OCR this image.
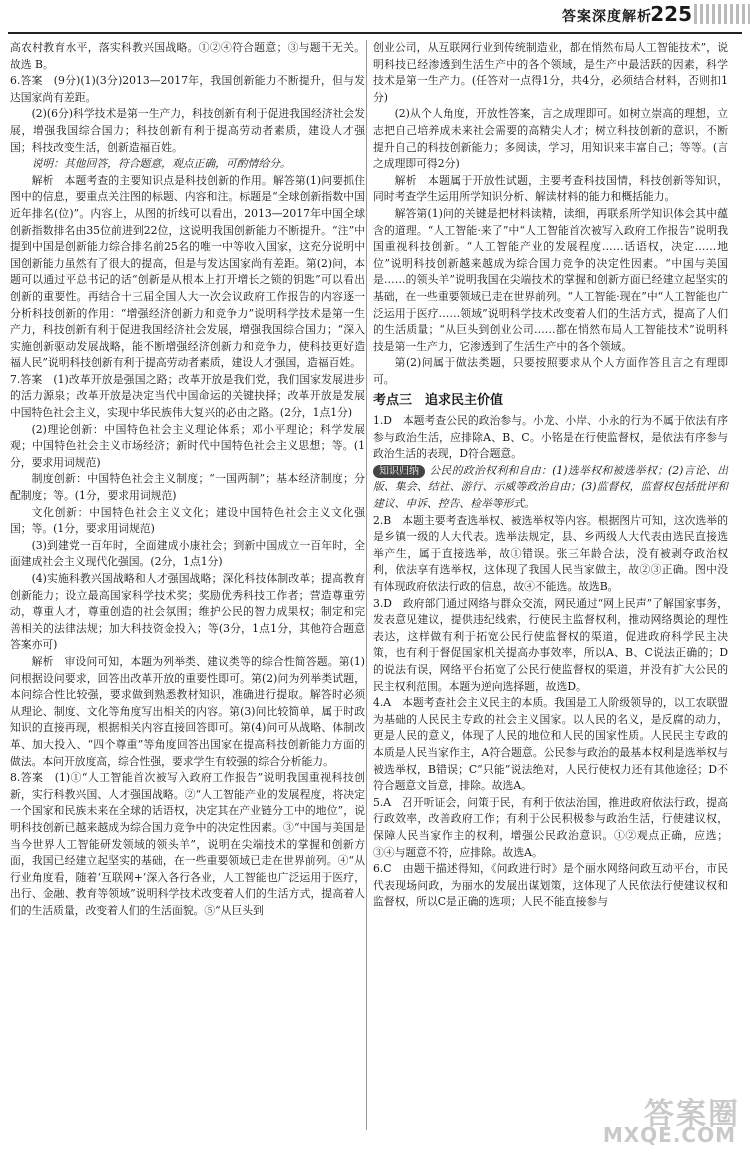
答案深度解析
225

高农村教育水平，落实科教兴国战略。①②④符合题意；③与题干无关。故选 B。

6.答案　(9分)(1)(3分)2013—2017年，我国创新能力不断提升，但与发达国家尚有差距。

(2)(6分)科学技术是第一生产力，科技创新有利于促进我国经济社会发展，增强我国综合国力；科技创新有利于提高劳动者素质，建设人才强国；科技改变生活，创新造福百姓。

说明：其他回答，符合题意，观点正确，可酌情给分。

解析　本题考查的主要知识点是科技创新的作用。解答第(1)问要抓住图中的信息，要重点关注图的标题、内容和注。标题是“全球创新指数中国近年排名(位)”。内容上，从图的折线可以看出，2013—2017年中国全球创新指数排名由35位前进到22位，这说明我国创新能力不断提升。“注”中提到中国是创新能力综合排名前25名的唯一中等收入国家，这充分说明中国创新能力虽然有了很大的提高，但是与发达国家尚有差距。第(2)问，本题可以通过平总书记的话“创新是从根本上打开增长之锁的钥匙”可以看出创新的重要性。再结合十三届全国人大一次会议政府工作报告的内容逐一分析科技创新的作用：“增强经济创新力和竞争力”说明科学技术是第一生产力，科技创新有利于促进我国经济社会发展，增强我国综合国力；“深入实施创新驱动发展战略，能不断增强经济创新力和竞争力，使科技更好造福人民”说明科技创新有利于提高劳动者素质，建设人才强国，造福百姓。

7.答案　(1)改革开放是强国之路；改革开放是我们党，我们国家发展进步的活力源泉；改革开放是决定当代中国命运的关键抉择；改革开放是发展中国特色社会主义，实现中华民族伟大复兴的必由之路。(2分，1点1分)

(2)理论创新：中国特色社会主义理论体系；邓小平理论；科学发展观；中国特色社会主义市场经济；新时代中国特色社会主义思想；等。(1分，要求用词规范)

制度创新：中国特色社会主义制度；“一国两制”；基本经济制度；分配制度；等。(1分，要求用词规范)

文化创新：中国特色社会主义文化；建设中国特色社会主义文化强国；等。(1分，要求用词规范)

(3)到建党一百年时，全面建成小康社会；到新中国成立一百年时，全面建成社会主义现代化强国。(2分，1点1分)

(4)实施科教兴国战略和人才强国战略；深化科技体制改革；提高教育创新能力；设立最高国家科学技术奖；奖励优秀科技工作者；营造尊重劳动，尊重人才，尊重创造的社会氛围；维护公民的智力成果权；制定和完善相关的法律法规；加大科技资金投入；等(3分，1点1分，其他符合题意答案亦可)

解析　审设问可知，本题为列举类、建议类等的综合性简答题。第(1)问根据设问要求，回答出改革开放的重要性即可。第(2)问为列举类试题，本问综合性比较强，要求做到熟悉教材知识，准确进行提取。解答时必须从理论、制度、文化等角度写出相关的内容。第(3)问比较简单，属于时政知识的直接再现，根据相关内容直接回答即可。第(4)问可从战略、体制改革、加大投入、“四个尊重”等角度回答出国家在提高科技创新能力方面的做法。本问开放度高，综合性强，要求学生有较强的综合分析能力。

8.答案　(1)①“人工智能首次被写入政府工作报告”说明我国重视科技创新，实行科教兴国、人才强国战略。②“人工智能产业的发展程度，将决定一个国家和民族未来在全球的话语权，决定其在产业链分工中的地位”，说明科技创新已越来越成为综合国力竞争中的决定性因素。③“中国与美国是当今世界人工智能研发领域的领头羊”，说明在尖端技术的掌握和创新方面，我国已经建立起坚实的基础，在一些重要领域已走在世界前列。④“从行业角度看，随着‘互联网+’深入各行各业，人工智能也广泛运用于医疗，出行、金融、教育等领域”说明科学技术改变着人们的生活方式，提高着人们的生活质量，改变着人们的生活面貌。⑤“从巨头到

创业公司，从互联网行业到传统制造业，都在悄然布局人工智能技术”，说明科技已经渗透到生活生产中的各个领域，是生产中最活跃的因素，科学技术是第一生产力。(任答对一点得1分，共4分，必须结合材料，否则扣1分)

(2)从个人角度，开放性答案，言之成理即可。如树立崇高的理想，立志把自己培养成未来社会需要的高精尖人才；树立科技创新的意识，不断提升自己的科技创新能力；多阅读，学习，用知识来丰富自己；等等。(言之成理即可得2分)

解析　本题属于开放性试题，主要考查科技国情，科技创新等知识，同时考查学生运用所学知识分析、解读材料的能力和概括能力。

解答第(1)问的关键是把材料读精，读细，再联系所学知识体会其中蕴含的道理。“人工智能·来了”中“人工智能首次被写入政府工作报告”说明我国重视科技创新。“人工智能产业的发展程度……话语权，决定……地位”说明科技创新越来越成为综合国力竞争的决定性因素。“中国与美国是……的领头羊”说明我国在尖端技术的掌握和创新方面已经建立起坚实的基础，在一些重要领域已走在世界前列。“人工智能·现在”中“人工智能也广泛运用于医疗……领域”说明科学技术改变着人们的生活方式，提高了人们的生活质量；“从巨头到创业公司……都在悄然布局人工智能技术”说明科技是第一生产力，它渗透到了生活生产中的各个领域。

第(2)问属于做法类题，只要按照要求从个人方面作答且言之有理即可。

考点三　追求民主价值

1.D　本题考查公民的政治参与。小龙、小岸、小永的行为不属于依法有序参与政治生活，应排除A、B、C。小铭是在行使监督权，是依法有序参与政治生活的表现，D符合题意。

知识归纳 公民的政治权利和自由：(1)选举权和被选举权；(2)言论、出版、集会、结社、游行、示威等政治自由；(3)监督权，监督权包括批评和建议、申诉、控告、检举等形式。

2.B　本题主要考查选举权、被选举权等内容。根据图片可知，这次选举的是乡镇一级的人大代表。选举法规定，县、乡两级人大代表由选民直接选举产生，属于直接选举，故①错误。张三年龄合法，没有被剥夺政治权利，依法享有选举权，这体现了我国人民当家做主，故②③正确。图中没有体现政府依法行政的信息，故④不能选。故选B。

3.D　政府部门通过网络与群众交流，网民通过“网上民声”了解国家事务，发表意见建议，提供违纪线索，行使民主监督权利，推动网络舆论的理性表达，这样做有利于拓宽公民行使监督权的渠道，促进政府科学民主决策，也有利于督促国家机关提高办事效率，所以A、B、C说法正确的；D的说法有误，网络平台拓宽了公民行使监督权的渠道，并没有扩大公民的民主权利范围。本题为逆向选择题，故选D。

4.A　本题考查社会主义民主的本质。我国是工人阶级领导的，以工农联盟为基础的人民民主专政的社会主义国家。以人民的名义，是反腐的动力，更是人民的意义，体现了人民的地位和人民的国家性质。人民民主专政的本质是人民当家作主，A符合题意。公民参与政治的最基本权利是选举权与被选举权，B错误；C“只能”说法绝对，人民行使权力还有其他途径；D不符合题意文旨意，排除。故选A。

5.A　召开听证会，问策于民，有利于依法治国，推进政府依法行政，提高行政效率，改善政府工作；有利于公民积极参与政治生活，行使建议权，保障人民当家作主的权利，增强公民政治意识。①②观点正确，应选；③④与题意不符，应排除。故选A。

6.C　由题干描述得知，《问政进行时》是个丽水网络问政互动平台，市民代表现场问政，为丽水的发展出谋划策，这体现了人民依法行使建议权和监督权，所以C是正确的选项；人民不能直接参与

答案圈
MXQE.COM
